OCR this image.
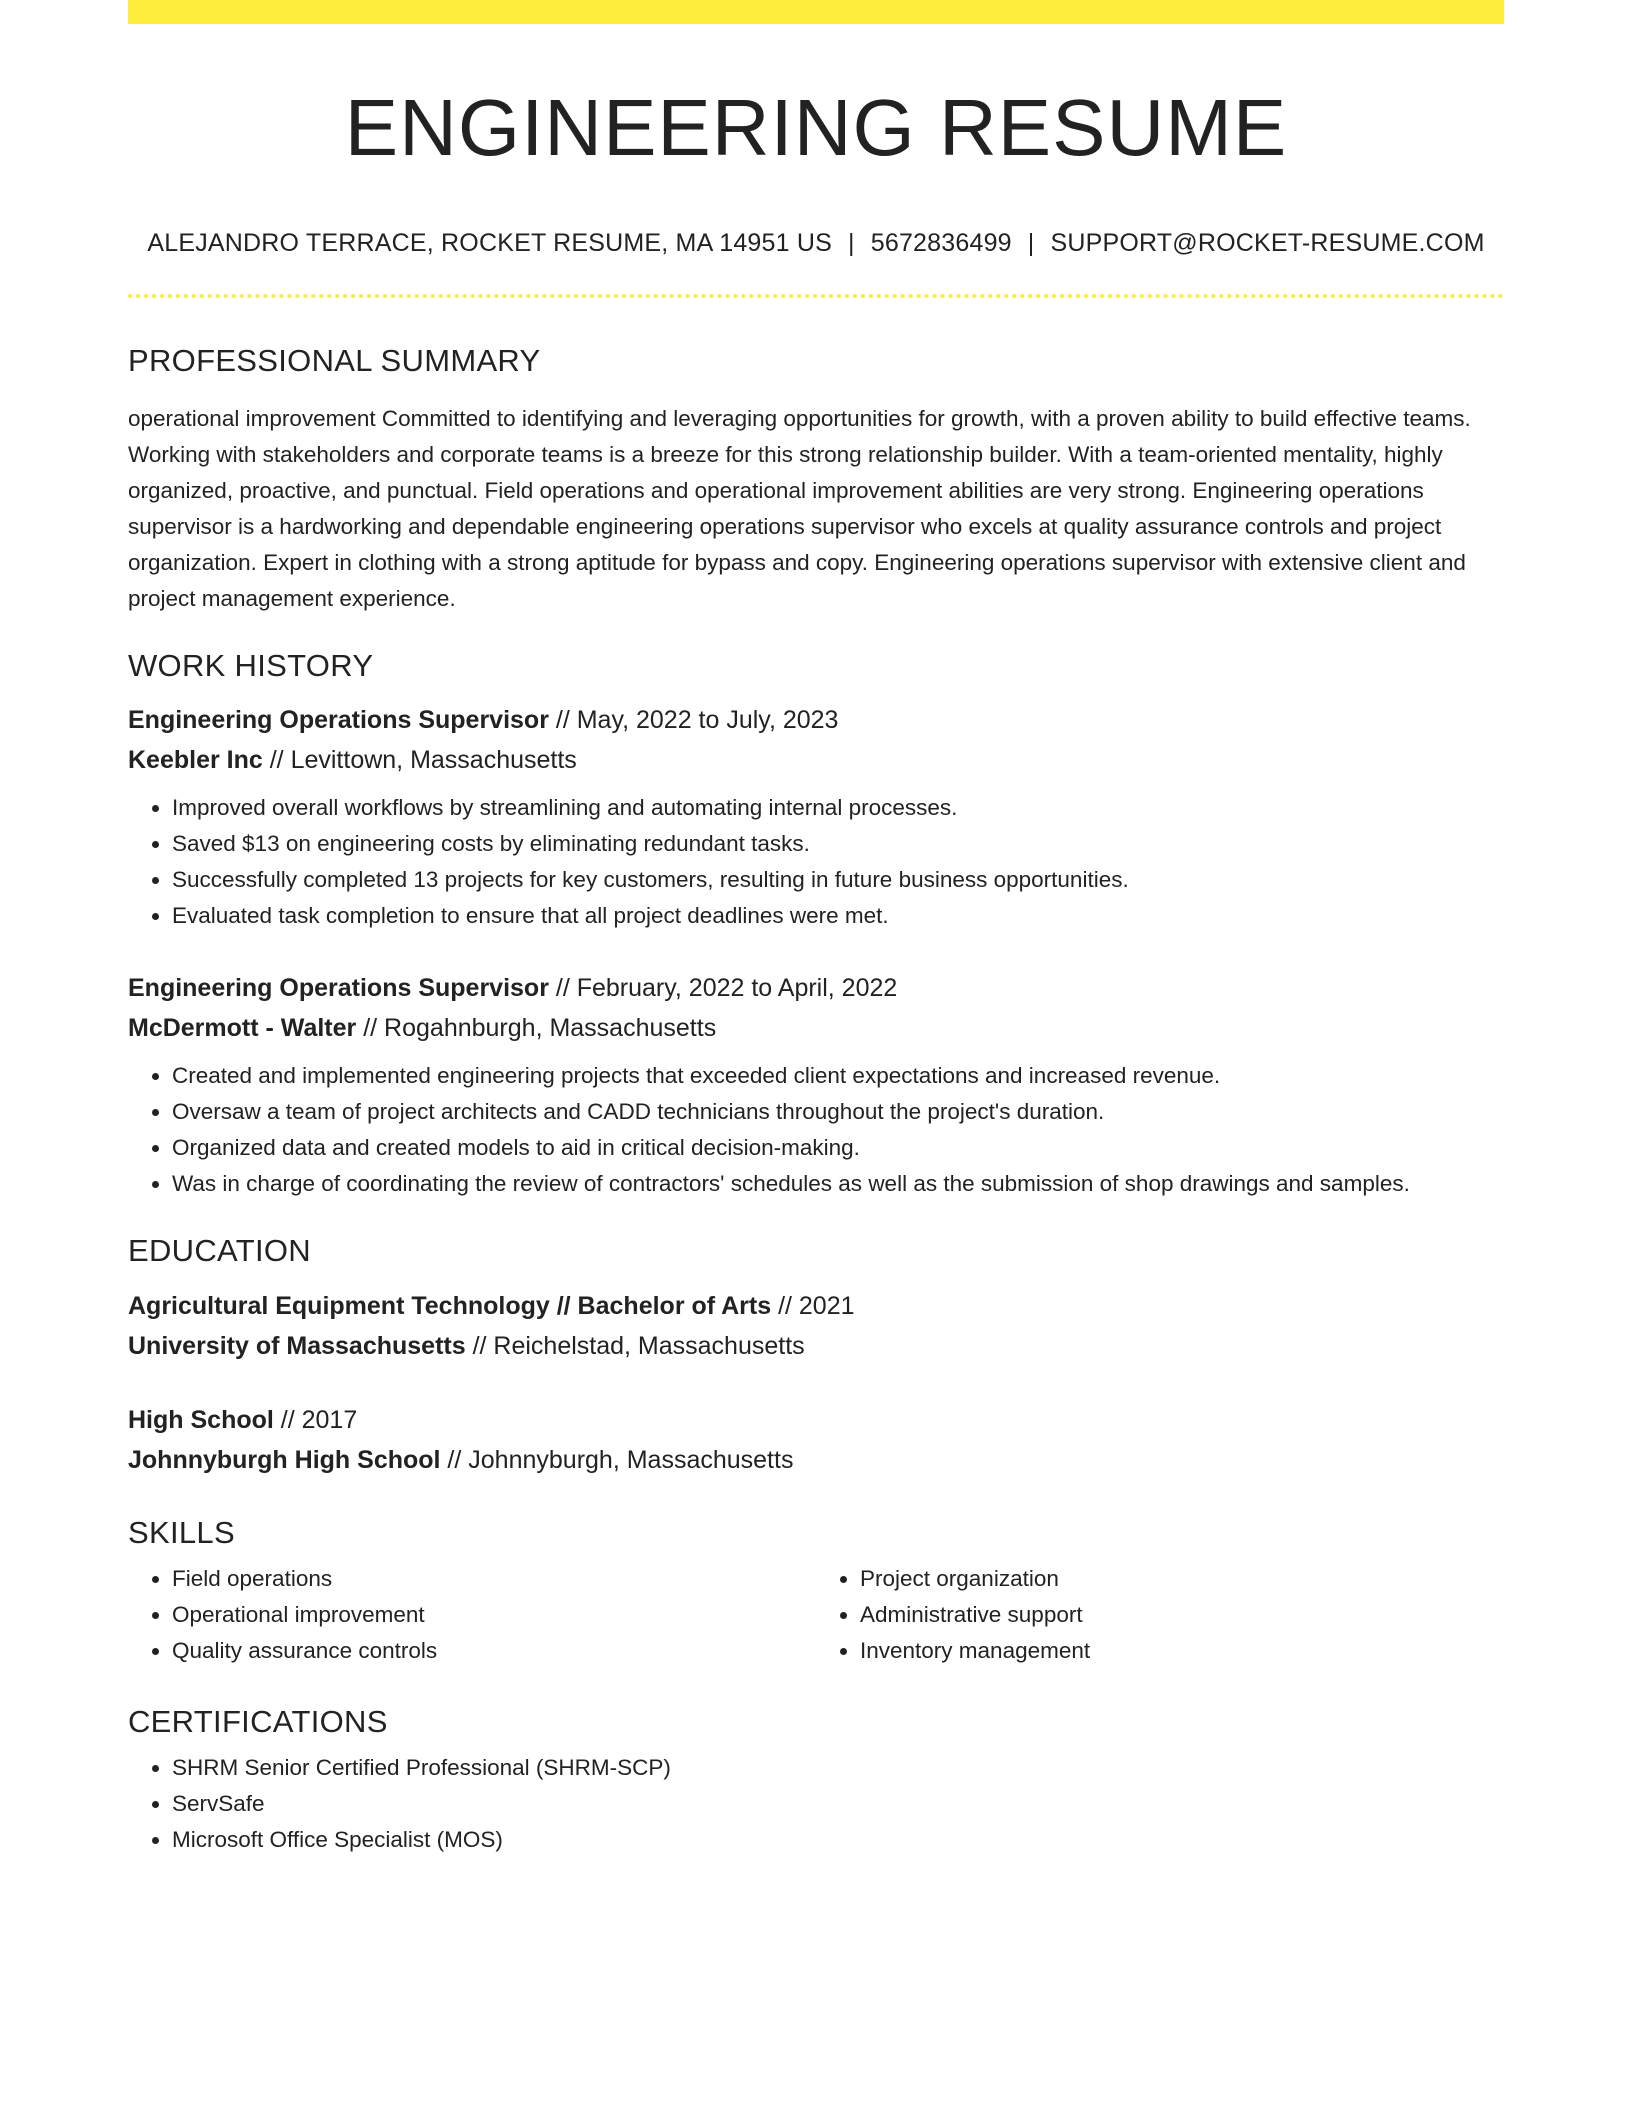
ENGINEERING RESUME
ALEJANDRO TERRACE, ROCKET RESUME, MA 14951 US | 5672836499 | SUPPORT@ROCKET-RESUME.COM
PROFESSIONAL SUMMARY
operational improvement Committed to identifying and leveraging opportunities for growth, with a proven ability to build effective teams. Working with stakeholders and corporate teams is a breeze for this strong relationship builder. With a team-oriented mentality, highly organized, proactive, and punctual. Field operations and operational improvement abilities are very strong. Engineering operations supervisor is a hardworking and dependable engineering operations supervisor who excels at quality assurance controls and project organization. Expert in clothing with a strong aptitude for bypass and copy. Engineering operations supervisor with extensive client and project management experience.
WORK HISTORY
Engineering Operations Supervisor // May, 2022 to July, 2023
Keebler Inc // Levittown, Massachusetts
• Improved overall workflows by streamlining and automating internal processes.
• Saved $13 on engineering costs by eliminating redundant tasks.
• Successfully completed 13 projects for key customers, resulting in future business opportunities.
• Evaluated task completion to ensure that all project deadlines were met.
Engineering Operations Supervisor // February, 2022 to April, 2022
McDermott - Walter // Rogahnburgh, Massachusetts
• Created and implemented engineering projects that exceeded client expectations and increased revenue.
• Oversaw a team of project architects and CADD technicians throughout the project's duration.
• Organized data and created models to aid in critical decision-making.
• Was in charge of coordinating the review of contractors' schedules as well as the submission of shop drawings and samples.
EDUCATION
Agricultural Equipment Technology // Bachelor of Arts // 2021
University of Massachusetts // Reichelstad, Massachusetts
High School // 2017
Johnnyburgh High School // Johnnyburgh, Massachusetts
SKILLS
• Field operations
• Operational improvement
• Quality assurance controls
• Project organization
• Administrative support
• Inventory management
CERTIFICATIONS
• SHRM Senior Certified Professional (SHRM-SCP)
• ServSafe
• Microsoft Office Specialist (MOS)
